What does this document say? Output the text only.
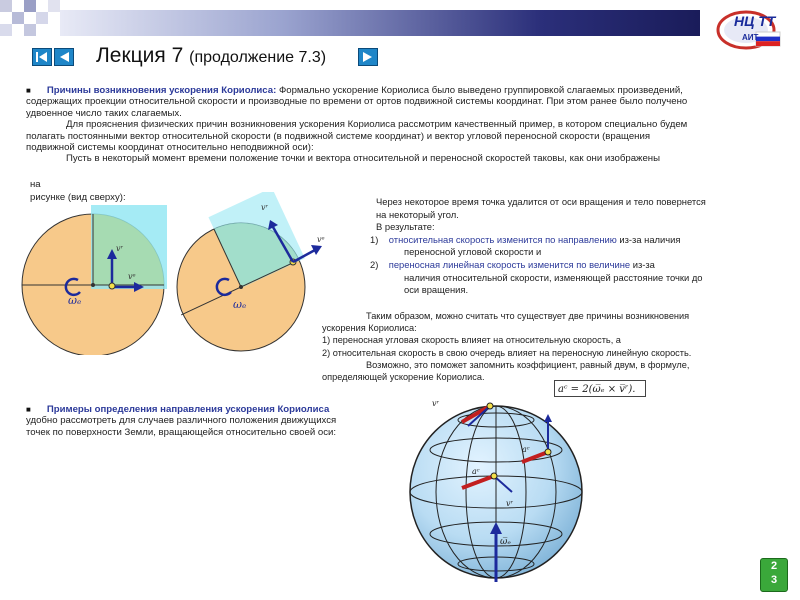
НЦ ТТ
АИТ
Лекция 7 (продолжение 7.3)
■ Причины возникновения ускорения Кориолиса: Формально ускорение Кориолиса было выведено группировкой слагаемых произведений,
содержащих проекции относительной скорости и производные по времени от ортов подвижной системы координат. При этом ранее было получено
удвоенное число таких слагаемых.
Для прояснения физических причин возникновения ускорения Кориолиса рассмотрим качественный пример, в котором специально будем
полагать постоянными вектор относительной скорости (в подвижной системе координат) и вектор угловой переносной скорости (вращения
подвижной системы координат относительно неподвижной оси):
Пусть в некоторый момент времени положение точки и вектора относительной и переносной скоростей таковы, как они изображены
на
рисунке (вид сверху):
ωₑ
vʳ
vᵉ
ωₑ
vʳ
vᵉ
Через некоторое время точка удалится от оси вращения и тело повернется
на некоторый угол.
В результате:
1) относительная скорость изменится по направлению из-за наличия
переносной угловой скорости и
2) переносная линейная скорость изменится по величине из-за
наличия относительной скорости, изменяющей расстояние точки до
оси вращения.
Таким образом, можно считать что существует две причины возникновения
ускорения Кориолиса:
1) переносная угловая скорость влияет на относительную скорость, а
2) относительная скорость в свою очередь влияет на переносную линейную скорость.
Возможно, это поможет запомнить коэффициент, равный двум, в формуле,
определяющей ускорение Кориолиса.
aᶜ = 2(ω̅ₑ × v̅ʳ).
■ Примеры определения направления ускорения Кориолиса
удобно рассмотреть для случаев различного положения движущихся
точек по поверхности Земли, вращающейся относительно своей оси:
ω̅ₑ
vʳ
aᶜ
aᶜ
vʳ
2
3
